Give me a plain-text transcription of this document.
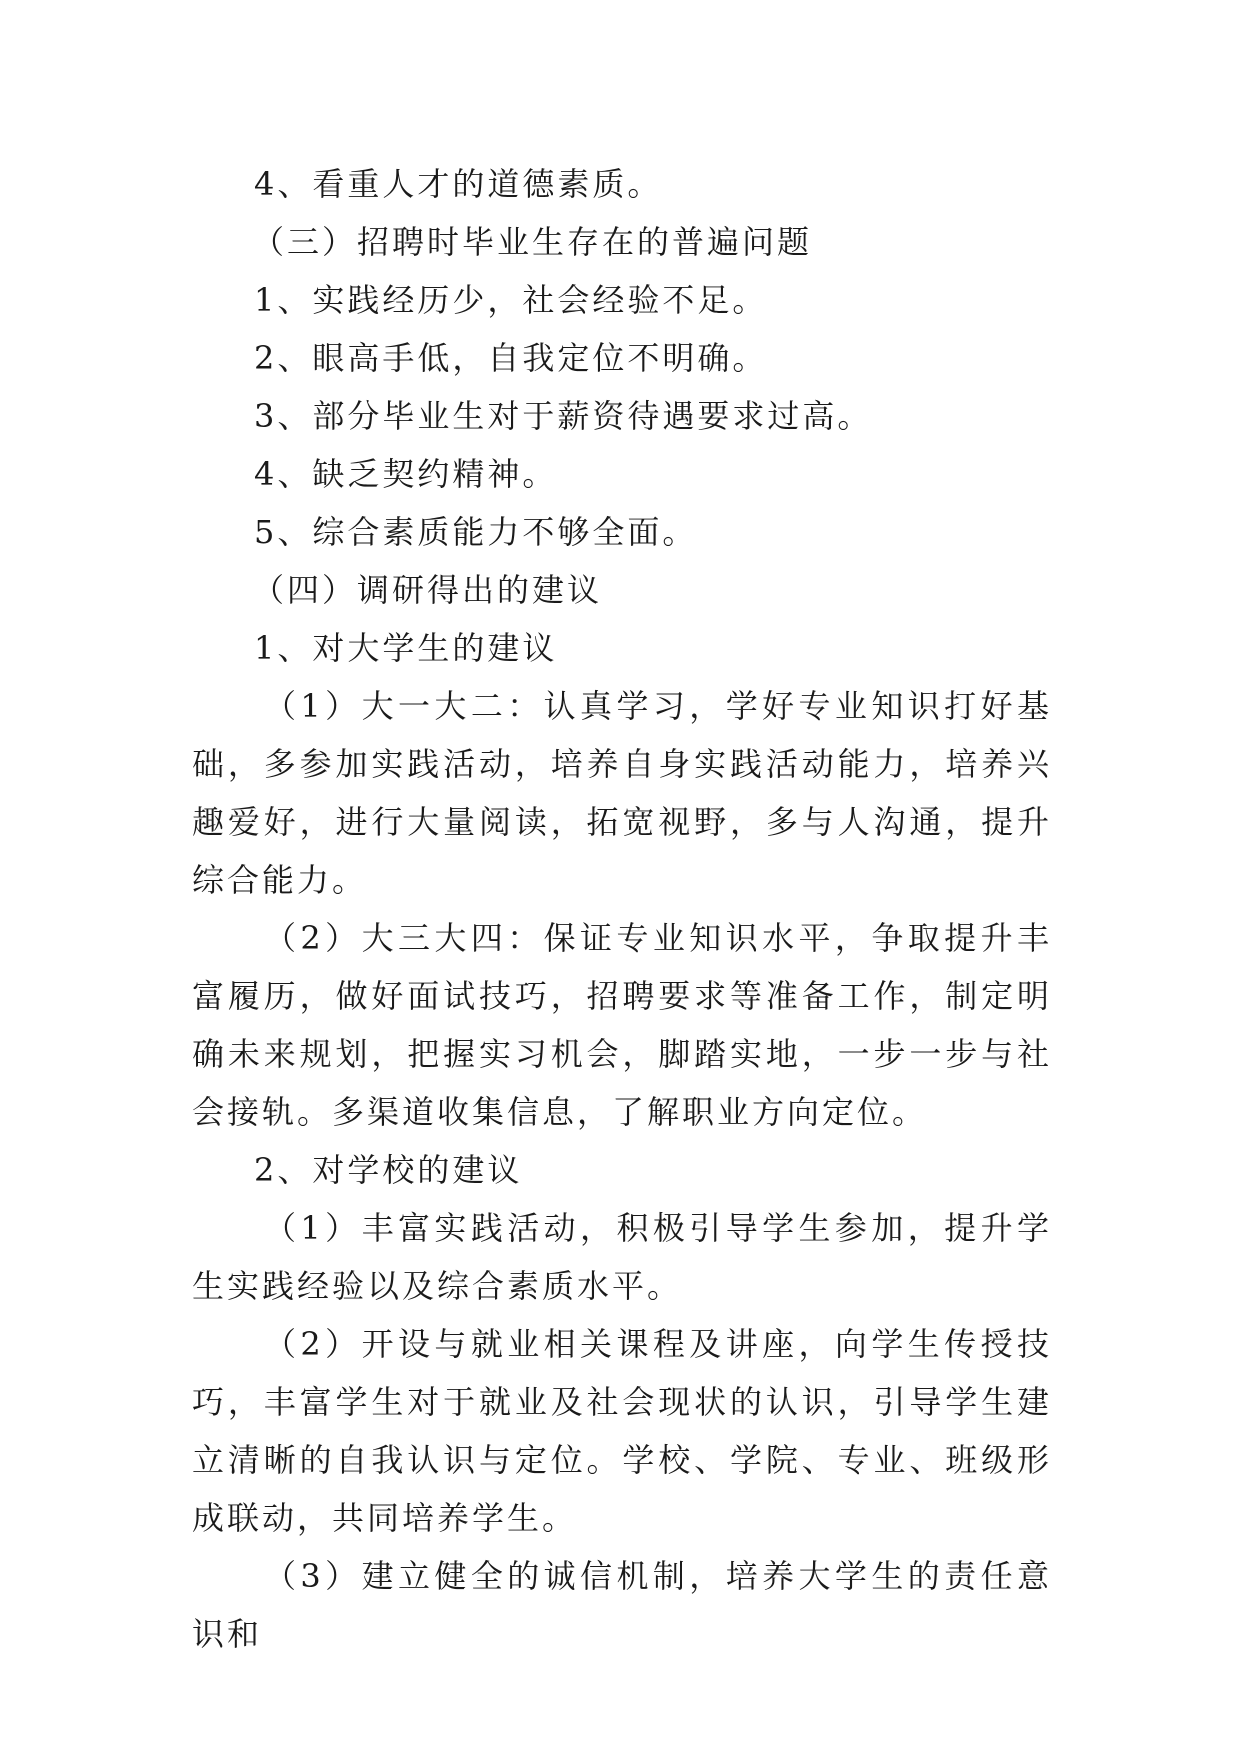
4、看重人才的道德素质。

（三）招聘时毕业生存在的普遍问题

1、实践经历少，社会经验不足。

2、眼高手低，自我定位不明确。

3、部分毕业生对于薪资待遇要求过高。

4、缺乏契约精神。

5、综合素质能力不够全面。

（四）调研得出的建议

1、对大学生的建议

（1）大一大二：认真学习，学好专业知识打好基础，多参加实践活动，培养自身实践活动能力，培养兴趣爱好，进行大量阅读，拓宽视野，多与人沟通，提升综合能力。

（2）大三大四：保证专业知识水平，争取提升丰富履历，做好面试技巧，招聘要求等准备工作，制定明确未来规划，把握实习机会，脚踏实地，一步一步与社会接轨。多渠道收集信息，了解职业方向定位。

2、对学校的建议

（1）丰富实践活动，积极引导学生参加，提升学生实践经验以及综合素质水平。

（2）开设与就业相关课程及讲座，向学生传授技巧，丰富学生对于就业及社会现状的认识，引导学生建立清晰的自我认识与定位。学校、学院、专业、班级形成联动，共同培养学生。

（3）建立健全的诚信机制，培养大学生的责任意识和
